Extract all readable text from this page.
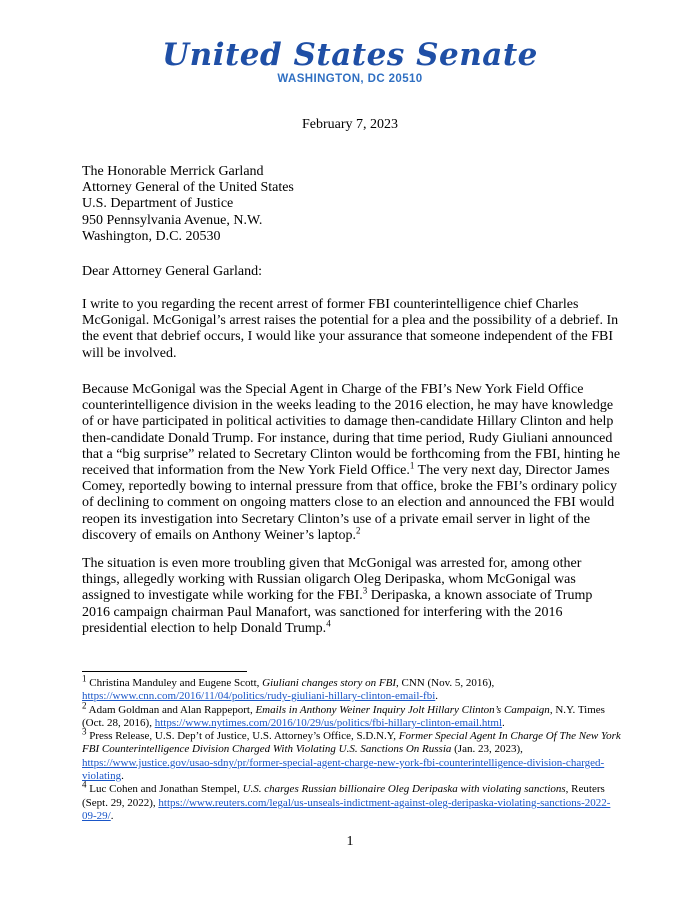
United States Senate
WASHINGTON, DC 20510
February 7, 2023
The Honorable Merrick Garland
Attorney General of the United States
U.S. Department of Justice
950 Pennsylvania Avenue, N.W.
Washington, D.C. 20530
Dear Attorney General Garland:

I write to you regarding the recent arrest of former FBI counterintelligence chief Charles McGonigal. McGonigal’s arrest raises the potential for a plea and the possibility of a debrief. In the event that debrief occurs, I would like your assurance that someone independent of the FBI will be involved.

Because McGonigal was the Special Agent in Charge of the FBI’s New York Field Office counterintelligence division in the weeks leading to the 2016 election, he may have knowledge of or have participated in political activities to damage then-candidate Hillary Clinton and help then-candidate Donald Trump. For instance, during that time period, Rudy Giuliani announced that a “big surprise” related to Secretary Clinton would be forthcoming from the FBI, hinting he received that information from the New York Field Office.$^1$ The very next day, Director James Comey, reportedly bowing to internal pressure from that office, broke the FBI’s ordinary policy of declining to comment on ongoing matters close to an election and announced the FBI would reopen its investigation into Secretary Clinton’s use of a private email server in light of the discovery of emails on Anthony Weiner’s laptop.$^2$

The situation is even more troubling given that McGonigal was arrested for, among other things, allegedly working with Russian oligarch Oleg Deripaska, whom McGonigal was assigned to investigate while working for the FBI.$^3$ Deripaska, a known associate of Trump 2016 campaign chairman Paul Manafort, was sanctioned for interfering with the 2016 presidential election to help Donald Trump.$^4$

$^1$ Christina Manduley and Eugene Scott, Giuliani changes story on FBI, CNN (Nov. 5, 2016), https://www.cnn.com/2016/11/04/politics/rudy-giuliani-hillary-clinton-email-fbi.

$^2$ Adam Goldman and Alan Rappeport, Emails in Anthony Weiner Inquiry Jolt Hillary Clinton’s Campaign, N.Y. Times (Oct. 28, 2016), https://www.nytimes.com/2016/10/29/us/politics/fbi-hillary-clinton-email.html.

$^3$ Press Release, U.S. Dep’t of Justice, U.S. Attorney’s Office, S.D.N.Y, Former Special Agent In Charge Of The New York FBI Counterintelligence Division Charged With Violating U.S. Sanctions On Russia (Jan. 23, 2023), https://www.justice.gov/usao-sdny/pr/former-special-agent-charge-new-york-fbi-counterintelligence-division-charged-violating.

$^4$ Luc Cohen and Jonathan Stempel, U.S. charges Russian billionaire Oleg Deripaska with violating sanctions, Reuters (Sept. 29, 2022), https://www.reuters.com/legal/us-unseals-indictment-against-oleg-deripaska-violating-sanctions-2022-09-29/.

1
